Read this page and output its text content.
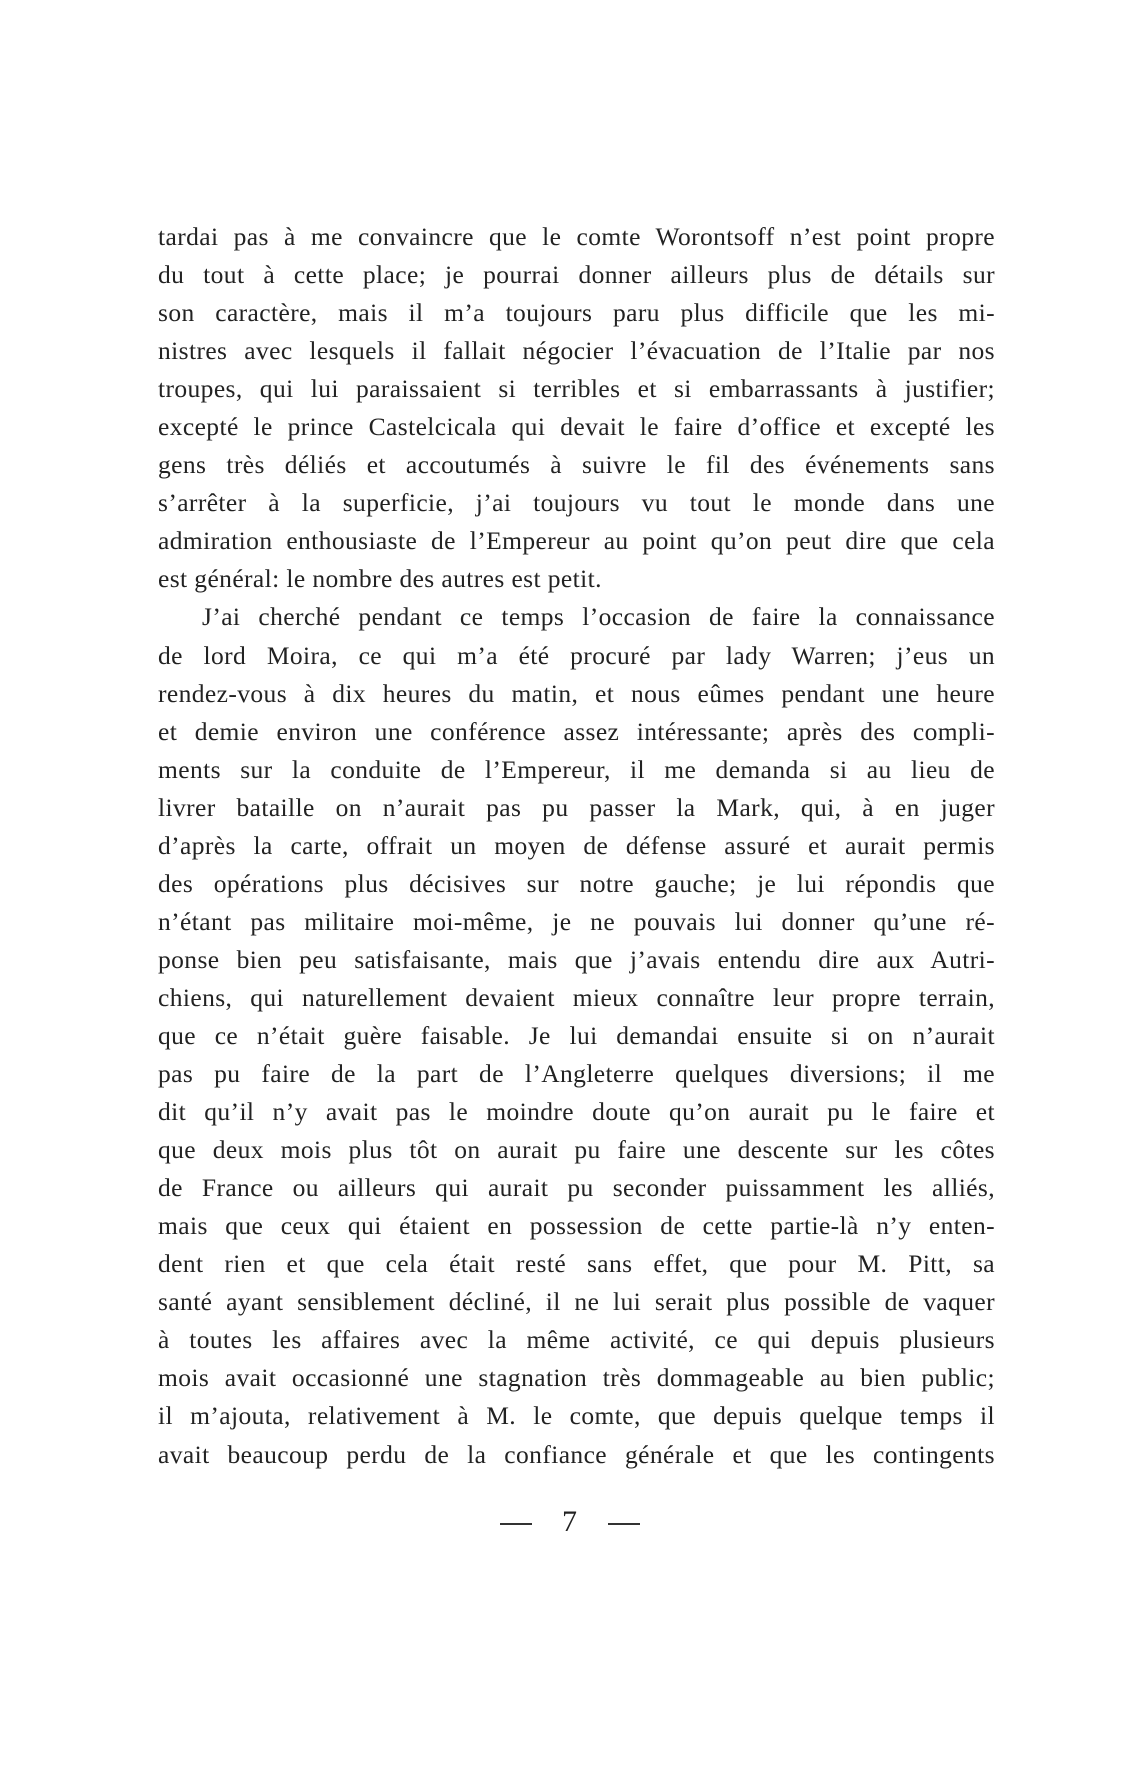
tardai pas à me convaincre que le comte Worontsoff n’est point propre
du tout à cette place; je pourrai donner ailleurs plus de détails sur
son caractère, mais il m’a toujours paru plus difficile que les mi-
nistres avec lesquels il fallait négocier l’évacuation de l’Italie par nos
troupes, qui lui paraissaient si terribles et si embarrassants à justifier;
excepté le prince Castelcicala qui devait le faire d’office et excepté les
gens très déliés et accoutumés à suivre le fil des événements sans
s’arrêter à la superficie, j’ai toujours vu tout le monde dans une
admiration enthousiaste de l’Empereur au point qu’on peut dire que cela
est général: le nombre des autres est petit.
J’ai cherché pendant ce temps l’occasion de faire la connaissance
de lord Moira, ce qui m’a été procuré par lady Warren; j’eus un
rendez-vous à dix heures du matin, et nous eûmes pendant une heure
et demie environ une conférence assez intéressante; après des compli-
ments sur la conduite de l’Empereur, il me demanda si au lieu de
livrer bataille on n’aurait pas pu passer la Mark, qui, à en juger
d’après la carte, offrait un moyen de défense assuré et aurait permis
des opérations plus décisives sur notre gauche; je lui répondis que
n’étant pas militaire moi-même, je ne pouvais lui donner qu’une ré-
ponse bien peu satisfaisante, mais que j’avais entendu dire aux Autri-
chiens, qui naturellement devaient mieux connaître leur propre terrain,
que ce n’était guère faisable. Je lui demandai ensuite si on n’aurait
pas pu faire de la part de l’Angleterre quelques diversions; il me
dit qu’il n’y avait pas le moindre doute qu’on aurait pu le faire et
que deux mois plus tôt on aurait pu faire une descente sur les côtes
de France ou ailleurs qui aurait pu seconder puissamment les alliés,
mais que ceux qui étaient en possession de cette partie-là n’y enten-
dent rien et que cela était resté sans effet, que pour M. Pitt, sa
santé ayant sensiblement décliné, il ne lui serait plus possible de vaquer
à toutes les affaires avec la même activité, ce qui depuis plusieurs
mois avait occasionné une stagnation très dommageable au bien public;
il m’ajouta, relativement à M. le comte, que depuis quelque temps il
avait beaucoup perdu de la confiance générale et que les contingents
7
